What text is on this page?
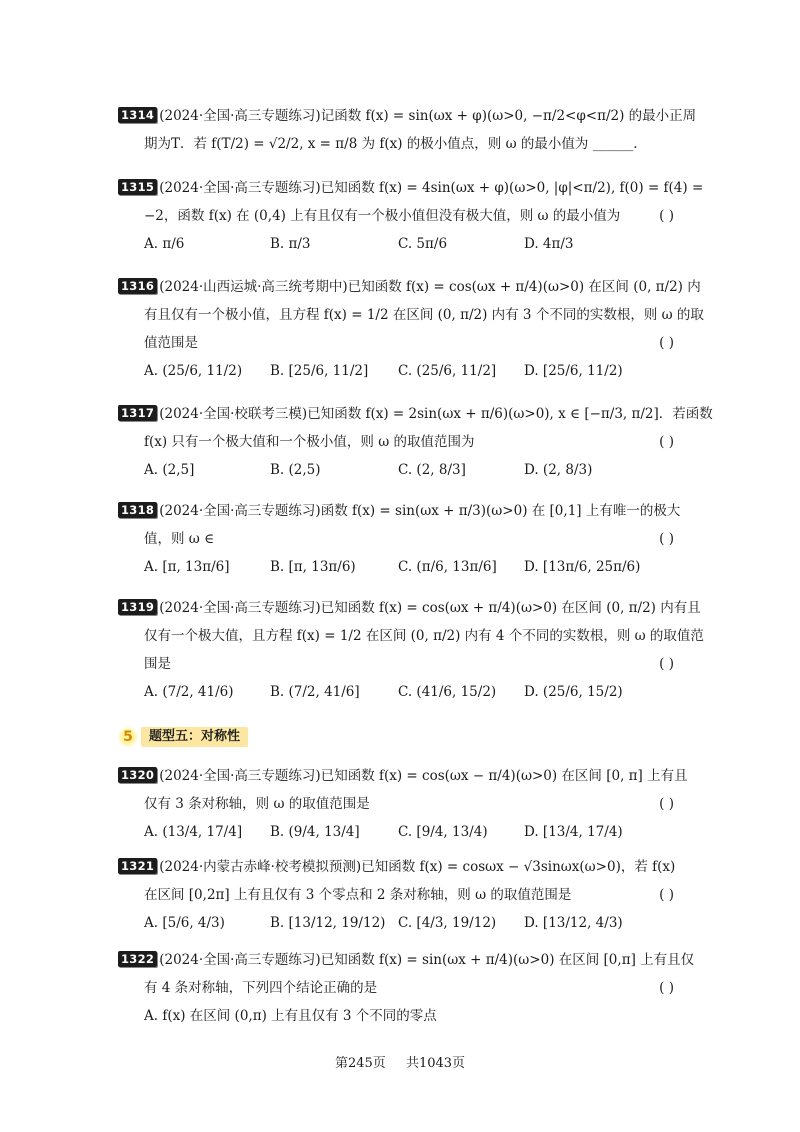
1314 (2024·全国·高三专题练习)记函数 f(x) = sin(ωx + φ)(ω>0, −π/2<φ<π/2) 的最小正周
期为T．若 f(T/2) = √2/2, x = π/8 为 f(x) 的极小值点，则 ω 的最小值为 ______.
1315 (2024·全国·高三专题练习)已知函数 f(x) = 4sin(ωx + φ)(ω>0, |φ|<π/2), f(0) = f(4) =
−2，函数 f(x) 在 (0,4) 上有且仅有一个极小值但没有极大值，则 ω 的最小值为	( )
A. π/6	B. π/3	C. 5π/6	D. 4π/3
1316 (2024·山西运城·高三统考期中)已知函数 f(x) = cos(ωx + π/4)(ω>0) 在区间 (0, π/2) 内
有且仅有一个极小值，且方程 f(x) = 1/2 在区间 (0, π/2) 内有 3 个不同的实数根，则 ω 的取
值范围是	( )
A. (25/6, 11/2) B. [25/6, 11/2] C. (25/6, 11/2] D. [25/6, 11/2)
1317 (2024·全国·校联考三模)已知函数 f(x) = 2sin(ωx + π/6)(ω>0), x ∈ [−π/3, π/2]．若函数
f(x) 只有一个极大值和一个极小值，则 ω 的取值范围为	( )
A. (2,5]	B. (2,5)	C. (2, 8/3]	D. (2, 8/3)
1318 (2024·全国·高三专题练习)函数 f(x) = sin(ωx + π/3)(ω>0) 在 [0,1] 上有唯一的极大
值，则 ω ∈	( )
A. [π, 13π/6]	B. [π, 13π/6)	C. (π/6, 13π/6] D. [13π/6, 25π/6)
1319 (2024·全国·高三专题练习)已知函数 f(x) = cos(ωx + π/4)(ω>0) 在区间 (0, π/2) 内有且
仅有一个极大值，且方程 f(x) = 1/2 在区间 (0, π/2) 内有 4 个不同的实数根，则 ω 的取值范
围是	( )
A. (7/2, 41/6)	B. (7/2, 41/6]	C. (41/6, 15/2) D. (25/6, 15/2)
5	题型五：对称性
1320 (2024·全国·高三专题练习)已知函数 f(x) = cos(ωx − π/4)(ω>0) 在区间 [0, π] 上有且
仅有 3 条对称轴，则 ω 的取值范围是	( )
A. (13/4, 17/4] B. (9/4, 13/4]	C. [9/4, 13/4)	D. [13/4, 17/4)
1321 (2024·内蒙古赤峰·校考模拟预测)已知函数 f(x) = cosωx − √3sinωx(ω>0)，若 f(x)
在区间 [0,2π] 上有且仅有 3 个零点和 2 条对称轴，则 ω 的取值范围是	( )
A. [5/6, 4/3)	B. [13/12, 19/12) C. [4/3, 19/12) D. [13/12, 4/3)
1322 (2024·全国·高三专题练习)已知函数 f(x) = sin(ωx + π/4)(ω>0) 在区间 [0,π] 上有且仅
有 4 条对称轴，下列四个结论正确的是	( )
A. f(x) 在区间 (0,π) 上有且仅有 3 个不同的零点
第245页 共1043页
